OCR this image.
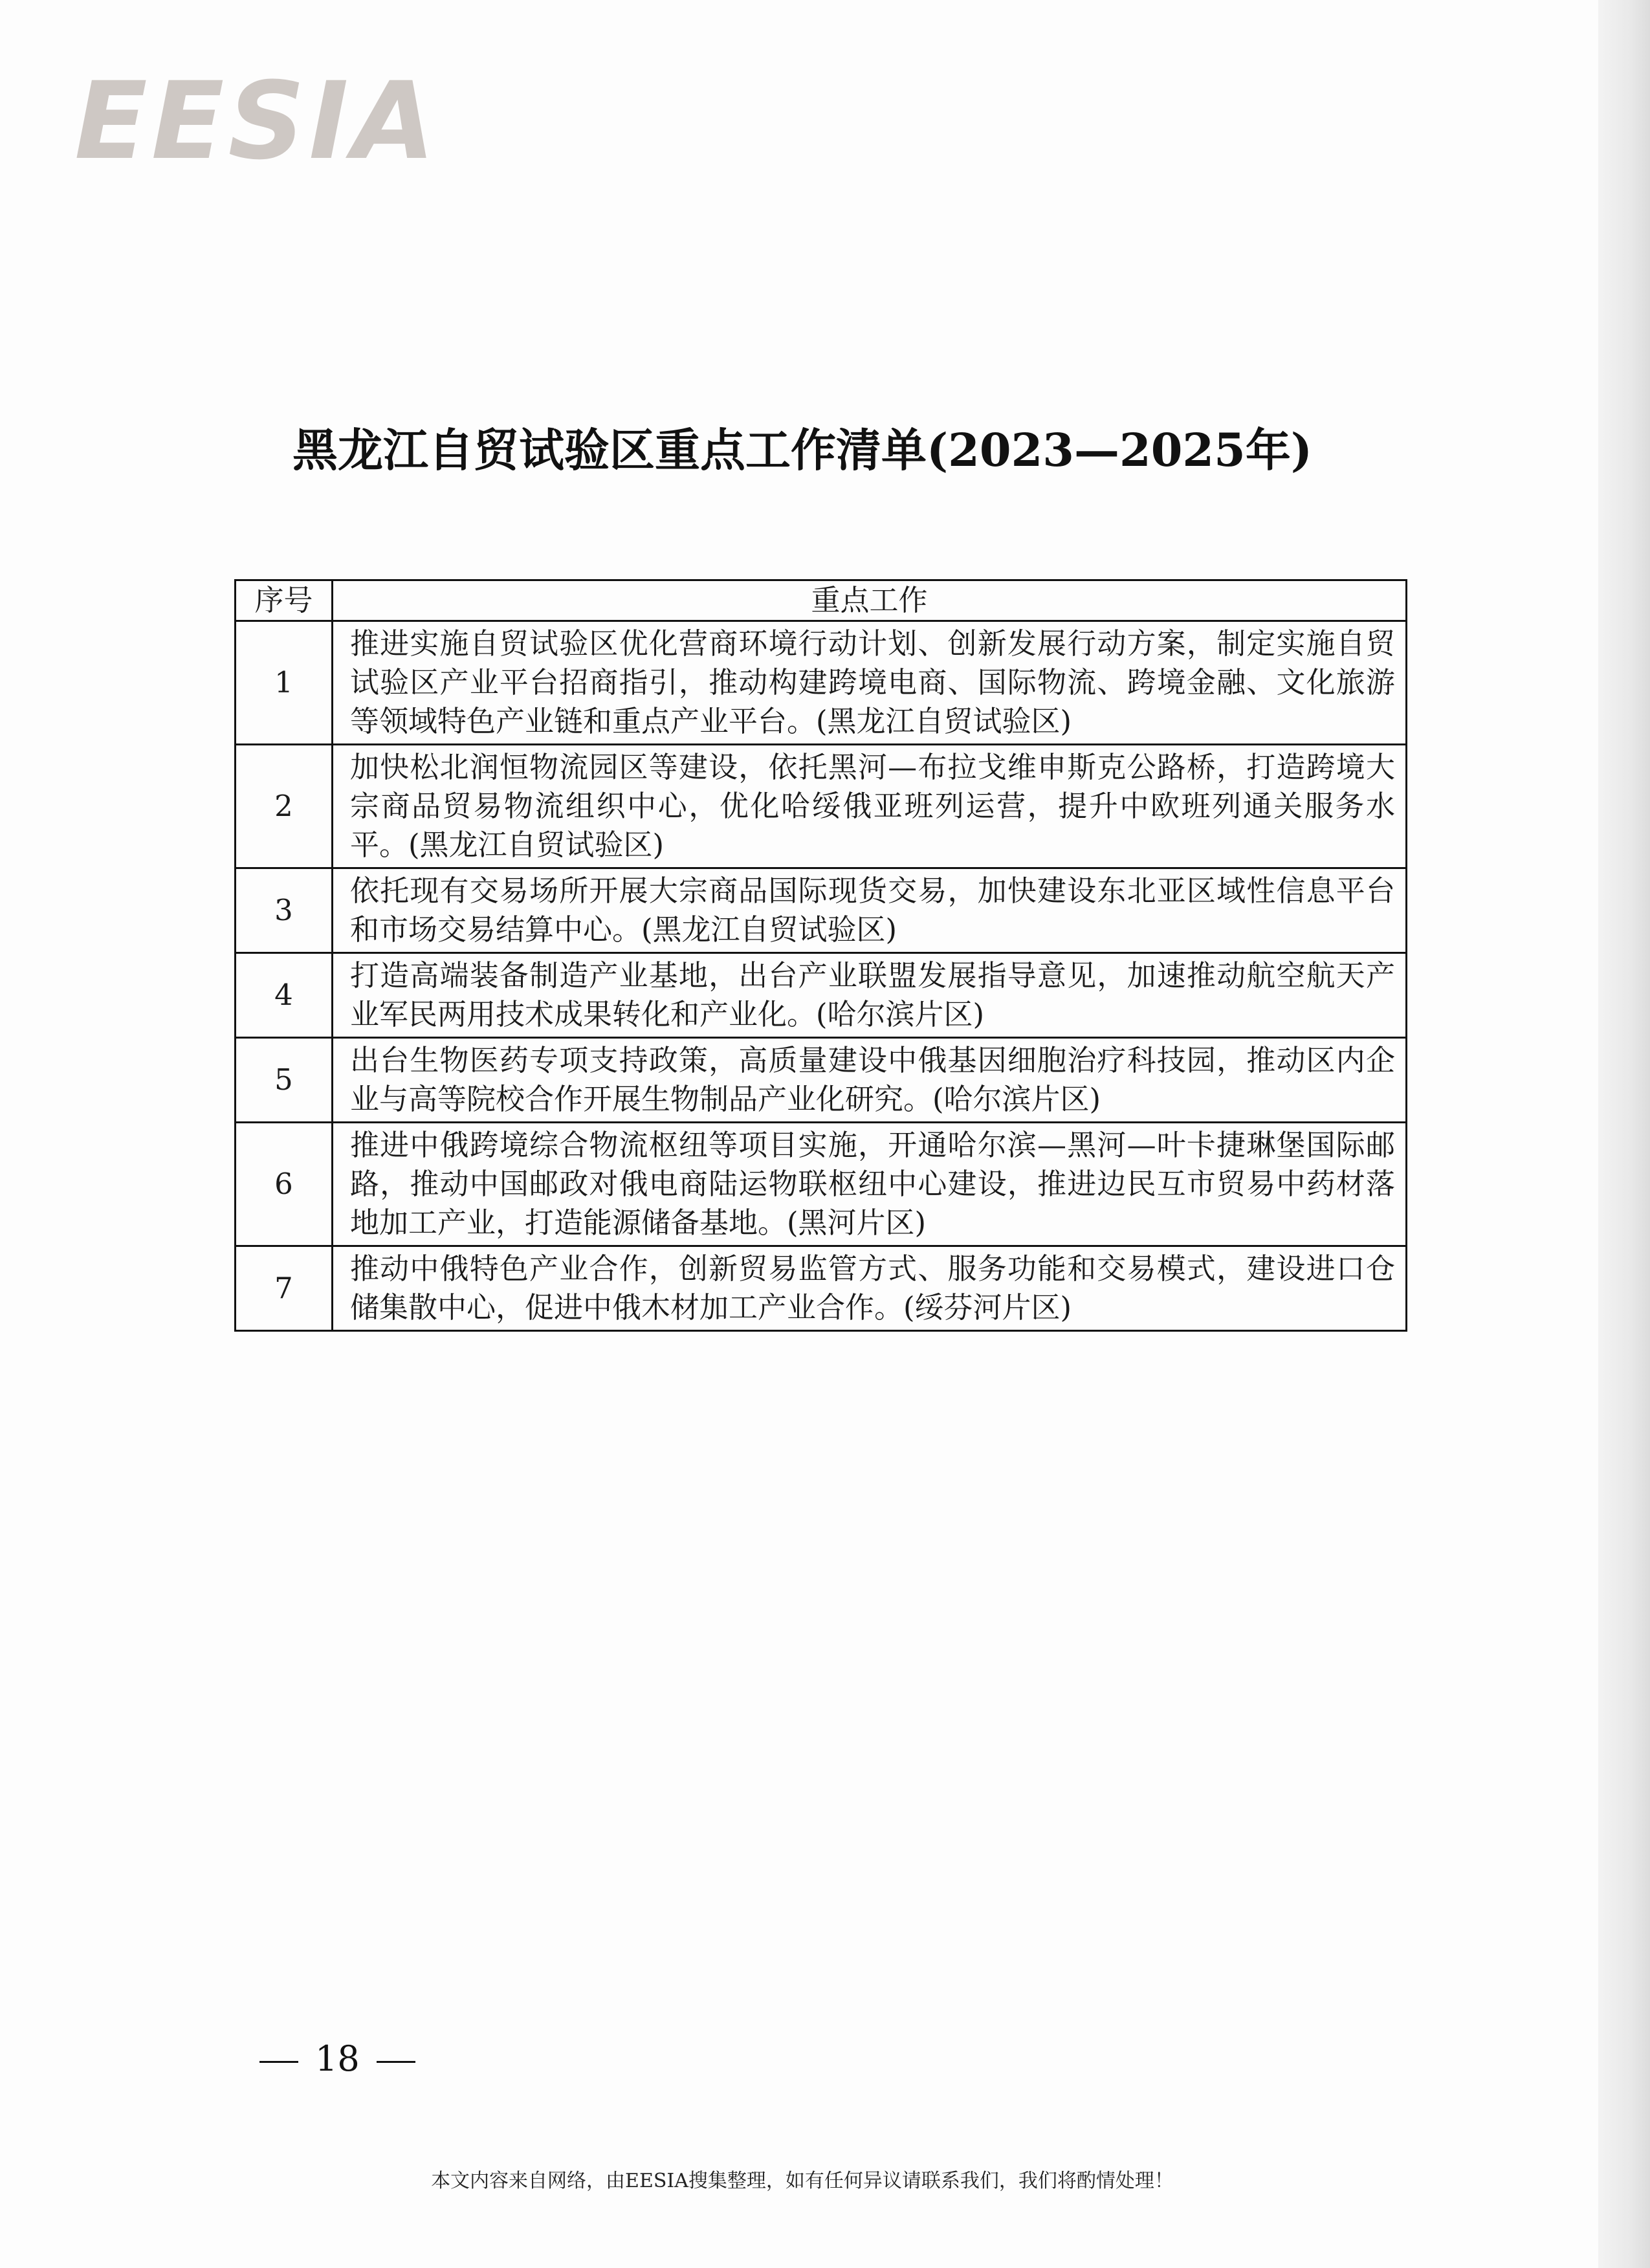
EESIA
黑龙江自贸试验区重点工作清单(2023—2025年)
序号	重点工作
1	推进实施自贸试验区优化营商环境行动计划、创新发展行动方案，制定实施自贸试验区产业平台招商指引，推动构建跨境电商、国际物流、跨境金融、文化旅游等领域特色产业链和重点产业平台。(黑龙江自贸试验区)
2	加快松北润恒物流园区等建设，依托黑河—布拉戈维申斯克公路桥，打造跨境大宗商品贸易物流组织中心，优化哈绥俄亚班列运营，提升中欧班列通关服务水平。(黑龙江自贸试验区)
3	依托现有交易场所开展大宗商品国际现货交易，加快建设东北亚区域性信息平台和市场交易结算中心。(黑龙江自贸试验区)
4	打造高端装备制造产业基地，出台产业联盟发展指导意见，加速推动航空航天产业军民两用技术成果转化和产业化。(哈尔滨片区)
5	出台生物医药专项支持政策，高质量建设中俄基因细胞治疗科技园，推动区内企业与高等院校合作开展生物制品产业化研究。(哈尔滨片区)
6	推进中俄跨境综合物流枢纽等项目实施，开通哈尔滨—黑河—叶卡捷琳堡国际邮路，推动中国邮政对俄电商陆运物联枢纽中心建设，推进边民互市贸易中药材落地加工产业，打造能源储备基地。(黑河片区)
7	推动中俄特色产业合作，创新贸易监管方式、服务功能和交易模式，建设进口仓储集散中心，促进中俄木材加工产业合作。(绥芬河片区)
18
本文内容来自网络，由EESIA搜集整理，如有任何异议请联系我们，我们将酌情处理！
